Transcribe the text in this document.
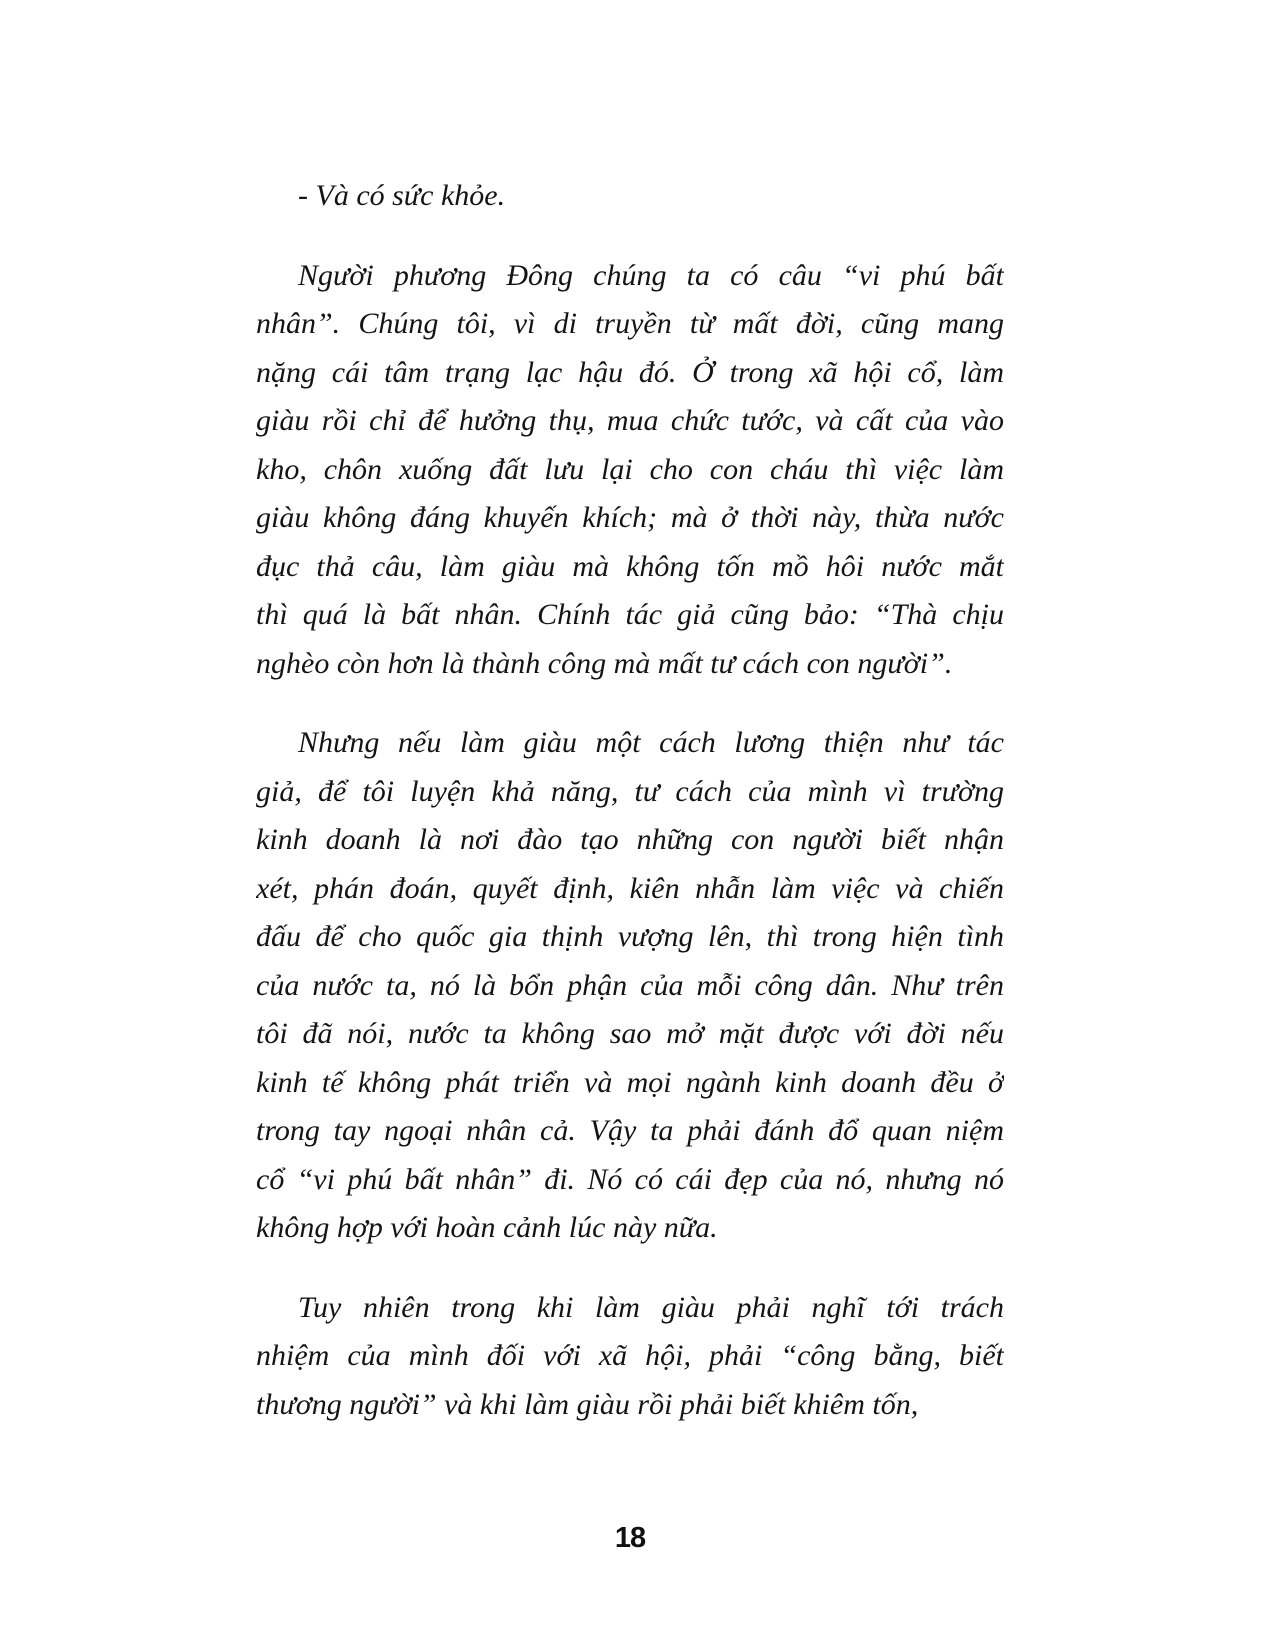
- Và có sức khỏe.
Người phương Đông chúng ta có câu “vi phú bất
nhân”. Chúng tôi, vì di truyền từ mất đời, cũng mang
nặng cái tâm trạng lạc hậu đó. Ở trong xã hội cổ, làm
giàu rồi chỉ để hưởng thụ, mua chức tước, và cất của vào
kho, chôn xuống đất lưu lại cho con cháu thì việc làm
giàu không đáng khuyến khích; mà ở thời này, thừa nước
đục thả câu, làm giàu mà không tốn mồ hôi nước mắt
thì quá là bất nhân. Chính tác giả cũng bảo: “Thà chịu
nghèo còn hơn là thành công mà mất tư cách con người”.
Nhưng nếu làm giàu một cách lương thiện như tác
giả, để tôi luyện khả năng, tư cách của mình vì trường
kinh doanh là nơi đào tạo những con người biết nhận
xét, phán đoán, quyết định, kiên nhẫn làm việc và chiến
đấu để cho quốc gia thịnh vượng lên, thì trong hiện tình
của nước ta, nó là bổn phận của mỗi công dân. Như trên
tôi đã nói, nước ta không sao mở mặt được với đời nếu
kinh tế không phát triển và mọi ngành kinh doanh đều ở
trong tay ngoại nhân cả. Vậy ta phải đánh đổ quan niệm
cổ “vi phú bất nhân” đi. Nó có cái đẹp của nó, nhưng nó
không hợp với hoàn cảnh lúc này nữa.
Tuy nhiên trong khi làm giàu phải nghĩ tới trách
nhiệm của mình đối với xã hội, phải “công bằng, biết
thương người” và khi làm giàu rồi phải biết khiêm tốn,
18
